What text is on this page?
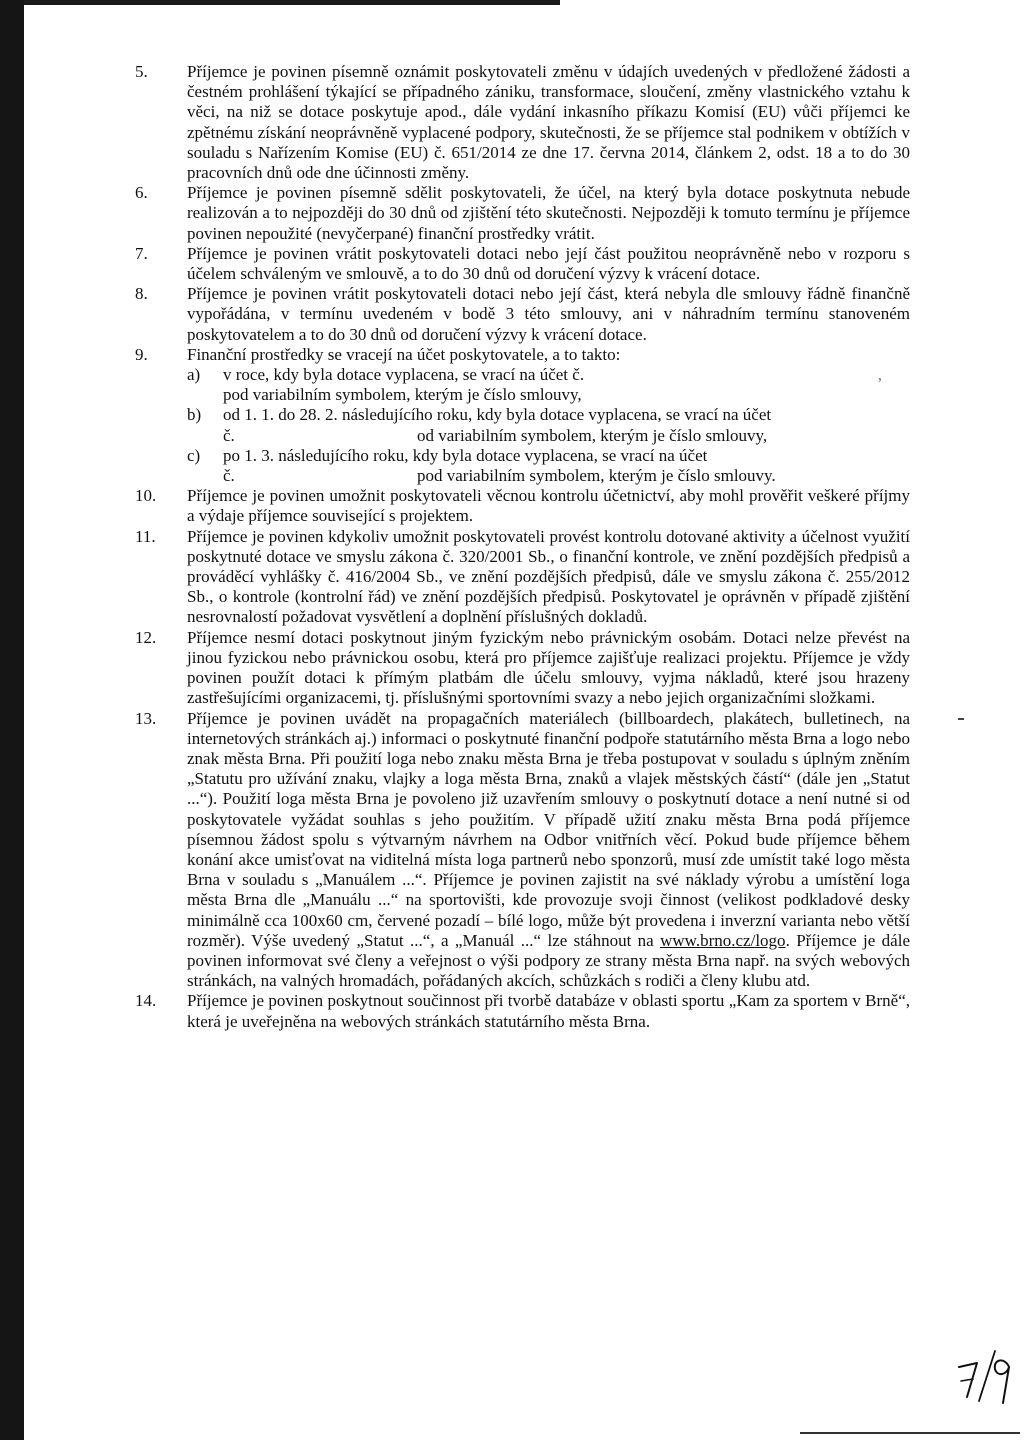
5.	Příjemce je povinen písemně oznámit poskytovateli změnu v údajích uvedených v předložené žádosti a čestném prohlášení týkající se případného zániku, transformace, sloučení, změny vlastnického vztahu k věci, na niž se dotace poskytuje apod., dále vydání inkasního příkazu Komisí (EU) vůči příjemci ke zpětnému získání neoprávněně vyplacené podpory, skutečnosti, že se příjemce stal podnikem v obtížích v souladu s Nařízením Komise (EU) č. 651/2014 ze dne 17. června 2014, článkem 2, odst. 18 a to do 30 pracovních dnů ode dne účinnosti změny.
6.	Příjemce je povinen písemně sdělit poskytovateli, že účel, na který byla dotace poskytnuta nebude realizován a to nejpozději do 30 dnů od zjištění této skutečnosti. Nejpozději k tomuto termínu je příjemce povinen nepoužité (nevyčerpané) finanční prostředky vrátit.
7.	Příjemce je povinen vrátit poskytovateli dotaci nebo její část použitou neoprávněně nebo v rozporu s účelem schváleným ve smlouvě, a to do 30 dnů od doručení výzvy k vrácení dotace.
8.	Příjemce je povinen vrátit poskytovateli dotaci nebo její část, která nebyla dle smlouvy řádně finančně vypořádána, v termínu uvedeném v bodě 3 této smlouvy, ani v náhradním termínu stanoveném poskytovatelem a to do 30 dnů od doručení výzvy k vrácení dotace.
9.	Finanční prostředky se vracejí na účet poskytovatele, a to takto:
a)	v roce, kdy byla dotace vyplacena, se vrací na účet č.	,
pod variabilním symbolem, kterým je číslo smlouvy,
b)	od 1. 1. do 28. 2. následujícího roku, kdy byla dotace vyplacena, se vrací na účet
č.	od variabilním symbolem, kterým je číslo smlouvy,
c)	po 1. 3. následujícího roku, kdy byla dotace vyplacena, se vrací na účet
č.	pod variabilním symbolem, kterým je číslo smlouvy.
10.	Příjemce je povinen umožnit poskytovateli věcnou kontrolu účetnictví, aby mohl prověřit veškeré příjmy a výdaje příjemce související s projektem.
11.	Příjemce je povinen kdykoliv umožnit poskytovateli provést kontrolu dotované aktivity a účelnost využití poskytnuté dotace ve smyslu zákona č. 320/2001 Sb., o finanční kontrole, ve znění pozdějších předpisů a prováděcí vyhlášky č. 416/2004 Sb., ve znění pozdějších předpisů, dále ve smyslu zákona č. 255/2012 Sb., o kontrole (kontrolní řád) ve znění pozdějších předpisů. Poskytovatel je oprávněn v případě zjištění nesrovnalostí požadovat vysvětlení a doplnění příslušných dokladů.
12.	Příjemce nesmí dotaci poskytnout jiným fyzickým nebo právnickým osobám. Dotaci nelze převést na jinou fyzickou nebo právnickou osobu, která pro příjemce zajišťuje realizaci projektu. Příjemce je vždy povinen použít dotaci k přímým platbám dle účelu smlouvy, vyjma nákladů, které jsou hrazeny zastřešujícími organizacemi, tj. příslušnými sportovními svazy a nebo jejich organizačními složkami.
13.	Příjemce je povinen uvádět na propagačních materiálech (billboardech, plakátech, bulletinech, na internetových stránkách aj.) informaci o poskytnuté finanční podpoře statutárního města Brna a logo nebo znak města Brna. Při použití loga nebo znaku města Brna je třeba postupovat v souladu s úplným zněním „Statutu pro užívání znaku, vlajky a loga města Brna, znaků a vlajek městských částí“ (dále jen „Statut ...“). Použití loga města Brna je povoleno již uzavřením smlouvy o poskytnutí dotace a není nutné si od poskytovatele vyžádat souhlas s jeho použitím. V případě užití znaku města Brna podá příjemce písemnou žádost spolu s výtvarným návrhem na Odbor vnitřních věcí. Pokud bude příjemce během konání akce umisťovat na viditelná místa loga partnerů nebo sponzorů, musí zde umístit také logo města Brna v souladu s „Manuálem ...“. Příjemce je povinen zajistit na své náklady výrobu a umístění loga města Brna dle „Manuálu ...“ na sportovišti, kde provozuje svoji činnost (velikost podkladové desky minimálně cca 100x60 cm, červené pozadí – bílé logo, může být provedena i inverzní varianta nebo větší rozměr). Výše uvedený „Statut ...“, a „Manuál ...“ lze stáhnout na www.brno.cz/logo. Příjemce je dále povinen informovat své členy a veřejnost o výši podpory ze strany města Brna např. na svých webových stránkách, na valných hromadách, pořádaných akcích, schůzkách s rodiči a členy klubu atd.
14.	Příjemce je povinen poskytnout součinnost při tvorbě databáze v oblasti sportu „Kam za sportem v Brně“, která je uveřejněna na webových stránkách statutárního města Brna.
